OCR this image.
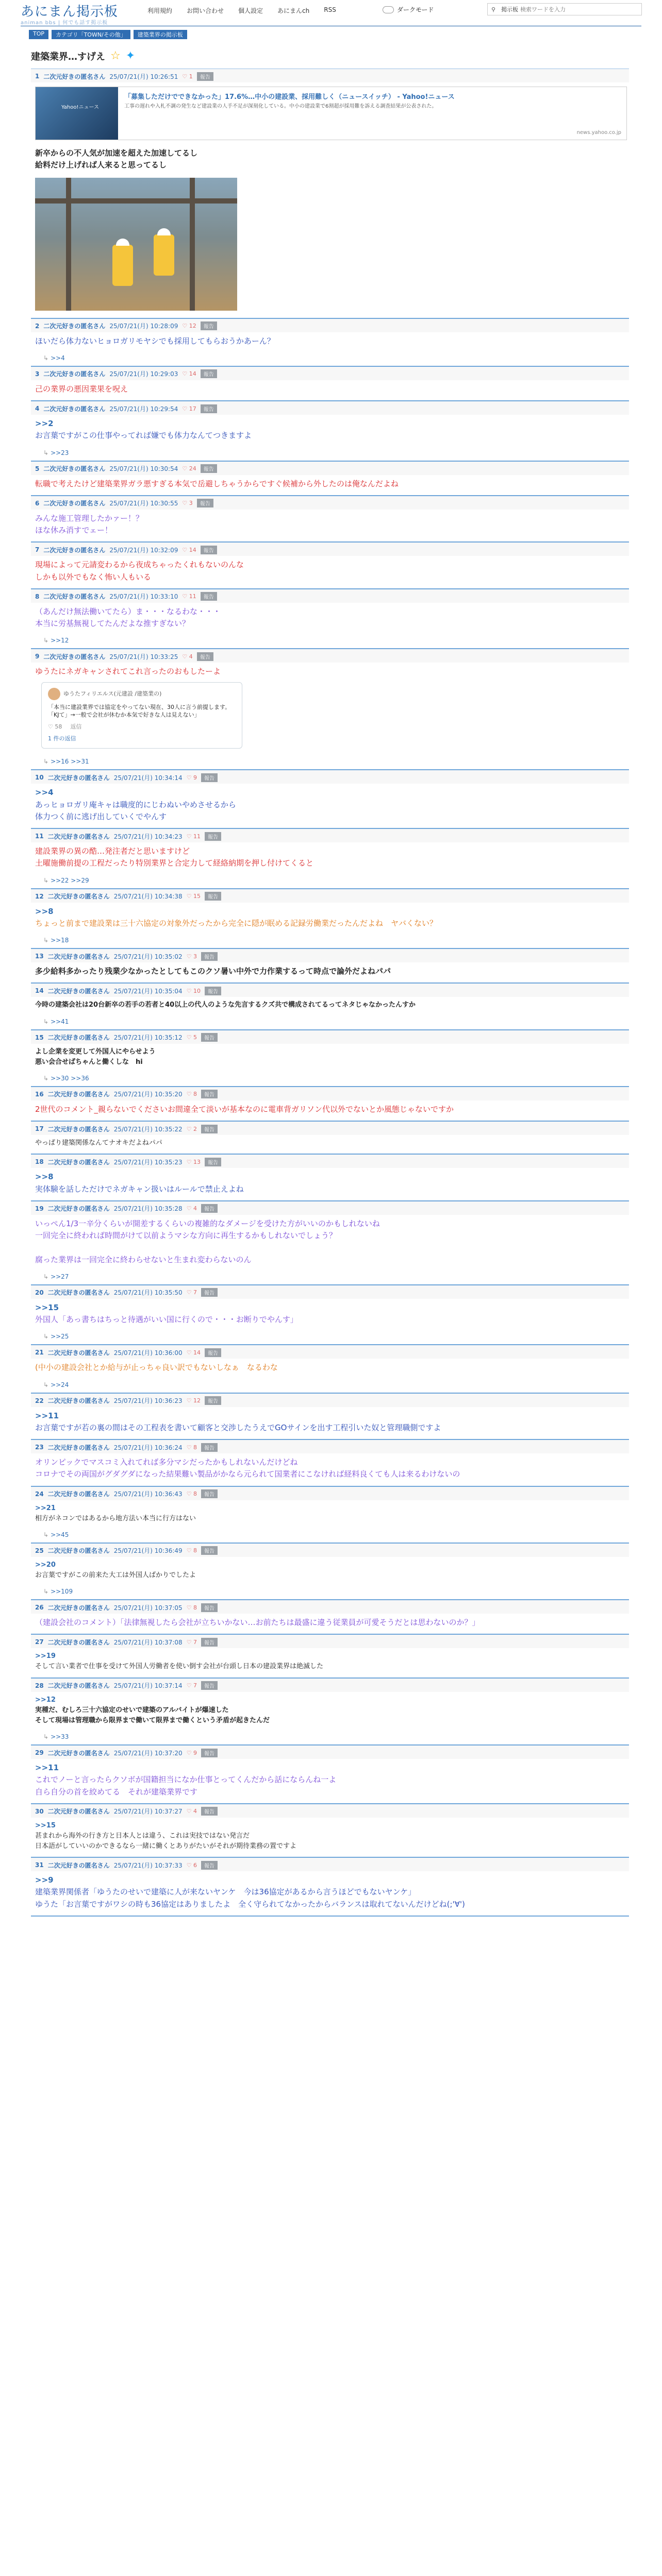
あにまん掲示板
animan bbs | 何でも話す掲示板
利用規約	お問い合わせ	個人設定	あにまんch	RSS	ダークモード	⚲ 掲示板
検索ワードを入力
TOP	カテゴリ「TOWN/その他」	建築業界の掲示板
建築業界…すげえ ☆ ✦
1 二次元好きの匿名さん 25/07/21(月) 10:26:51 ♡ 1	報告
Yahoo!ニュース
「募集しただけでできなかった」17.6%…中小の建設業、採用難しく（ニュースイッチ） - Yahoo!ニュース
工事の遅れや入札不調の発生など建設業の人手不足が深刻化している。中小の建設業で6割超が採用難を訴える調査結果が公表された。
news.yahoo.co.jp
新卒からの不人気が加速を超えた加速してるし
給料だけ上げれば人来ると思ってるし
2 二次元好きの匿名さん 25/07/21(月) 10:28:09 ♡ 12	報告
ほいだら体力ないヒョロガリモヤシでも採用してもらおうかあーん？
↳ >>4
3 二次元好きの匿名さん 25/07/21(月) 10:29:03 ♡ 14	報告
己の業界の悪因業果を呪え
4 二次元好きの匿名さん 25/07/21(月) 10:29:54 ♡ 17	報告
>>2
お言葉ですがこの仕事やってれば嫌でも体力なんてつきますよ
↳ >>23
5 二次元好きの匿名さん 25/07/21(月) 10:30:54 ♡ 24	報告
転職で考えたけど建築業界ガラ悪すぎる本気で岳避しちゃうからですぐ候補から外したのは俺なんだよね
6 二次元好きの匿名さん 25/07/21(月) 10:30:55 ♡ 3	報告
みんな施工管理したかァー！？
ほな休み消すでェー！
7 二次元好きの匿名さん 25/07/21(月) 10:32:09 ♡ 14	報告
現場によって元請変わるから夜成ちゃったくれもないのんな
しかも以外でもなく怖い人もいる
8 二次元好きの匿名さん 25/07/21(月) 10:33:10 ♡ 11	報告
（あんだけ無法働いてたら）ま・・・なるわな・・・
本当に労基無視してたんだよな推すぎない？
↳ >>12
9 二次元好きの匿名さん 25/07/21(月) 10:33:25 ♡ 4	報告
ゆうたにネガキャンされてこれ言ったのおもしたーよ
ゆうたフィリエルス(元建設 /建築業の)
「本当に建設業界では協定をやってない現在、30人に言う前提します。「KJて」→一般で会社が休むか本気で好きな人は見えない」
♡ 58 返信
1 件の返信
↳ >>16 >>31
10 二次元好きの匿名さん 25/07/21(月) 10:34:14 ♡ 9	報告
>>4
あっヒョロガリ庵キャは職度的にじわぬいやめさせるから
体力つく前に逃げ出していくでやんす
11 二次元好きの匿名さん 25/07/21(月) 10:34:23 ♡ 11	報告
建設業界の異の酷…発注者だと思いますけど
土曜施働前提の工程だったり特別業界と合定力して経絡納期を押し付けてくると
↳ >>22 >>29
12 二次元好きの匿名さん 25/07/21(月) 10:34:38 ♡ 15	報告
>>8
ちょっと前まで建設業は三十六協定の対象外だったから完全に隠が眠める記録労働業だったんだよね　ヤバくない？
↳ >>18
13 二次元好きの匿名さん 25/07/21(月) 10:35:02 ♡ 3	報告
多少給料多かったり残業少なかったとしてもこのクソ暑い中外で力作業するって時点で論外だよねパパ
14 二次元好きの匿名さん 25/07/21(月) 10:35:04 ♡ 10	報告
今時の建築会社は20台新卒の若手の若者と40以上の代人のような先言するクズ共で構成されてるってネタじゃなかったんすか
↳ >>41
15 二次元好きの匿名さん 25/07/21(月) 10:35:12 ♡ 5	報告
よし企業を変更して外国人にやらせよう
悪い会合せばちゃんと働くしな　hi
↳ >>30 >>36
16 二次元好きの匿名さん 25/07/21(月) 10:35:20 ♡ 8	報告
2世代のコメント_親らないでくださいお間違全て淡いが基本なのに電車背ガリソン代以外でないとか風態じゃないですか
17 二次元好きの匿名さん 25/07/21(月) 10:35:22 ♡ 2	報告
やっぱり建築関係なんてナオキだよねパパ
18 二次元好きの匿名さん 25/07/21(月) 10:35:23 ♡ 13	報告
>>8
実体験を話しただけでネガキャン扱いはルールで禁止えよね
19 二次元好きの匿名さん 25/07/21(月) 10:35:28 ♡ 4	報告
いっぺん1/3一辛分くらいが開差するくらいの複雑的なダメージを受けた方がいいのかもしれないね
一回完全に終われば時間がけて以前ようマシな方向に再生するかもしれないでしょう？

腐った業界は一回完全に終わらせないと生まれ変わらないのん
↳ >>27
20 二次元好きの匿名さん 25/07/21(月) 10:35:50 ♡ 7	報告
>>15
外国人「あっ書ちはちっと待遇がいい国に行くので・・・お断りでやんす」
↳ >>25
21 二次元好きの匿名さん 25/07/21(月) 10:36:00 ♡ 14	報告
(中小の建設会社とか給与が止っちゃ良い訳でもないしなぁ　なるわな
↳ >>24
22 二次元好きの匿名さん 25/07/21(月) 10:36:23 ♡ 12	報告
>>11
お言葉ですが若の裏の間はその工程表を書いて顧客と交渉したうえでGOサインを出す工程引いた奴と管理職側ですよ
23 二次元好きの匿名さん 25/07/21(月) 10:36:24 ♡ 8	報告
オリンピックでマスコミ入れてれば多分マシだったかもしれないんだけどね
コロナでその両国がグダグダになった結果難い製品がかなら元られて国業者にこなければ経料良くても人は来るわけないの
24 二次元好きの匿名さん 25/07/21(月) 10:36:43 ♡ 8	報告
>>21
相方がネコンではあるから地方法い本当に行方はない
↳ >>45
25 二次元好きの匿名さん 25/07/21(月) 10:36:49 ♡ 8	報告
>>20
お言葉ですがこの前来た大工は外国人ばかりでしたよ
↳ >>109
26 二次元好きの匿名さん 25/07/21(月) 10:37:05 ♡ 8	報告
（建設会社のコメント）「法律無視したら会社が立ちいかない…お前たちは最盛に違う従業員が可愛そうだとは思わないのか？」
27 二次元好きの匿名さん 25/07/21(月) 10:37:08 ♡ 7	報告
>>19
そして言い業者で仕事を受けて外国人労働者を使い倒す会社が台頭し日本の建設業界は絶滅した
28 二次元好きの匿名さん 25/07/21(月) 10:37:14 ♡ 7	報告
>>12
実種だ、むしろ三十六協定のせいで建築のアルバイトが爆速した
そして現場は管理職から限界まで働いて限界まで働くという矛盾が起きたんだ
↳ >>33
29 二次元好きの匿名さん 25/07/21(月) 10:37:20 ♡ 9	報告
>>11
これでノーと言ったらクソボが国籍担当になか仕事とってくんだから話にならんね一よ
自ら自分の首を絞めてる　それが建築業界です
30 二次元好きの匿名さん 25/07/21(月) 10:37:27 ♡ 4	報告
>>15
甚まれから海外の行き方と日本人とは違う、これは実技ではない発言だ
日本語がしていいのかできるなら一緒に働くとありがたいがそれが期待業務の置ですよ
31 二次元好きの匿名さん 25/07/21(月) 10:37:33 ♡ 6	報告
>>9
建築業界関係者「ゆうたのせいで建築に人が来ないヤンケ　今は36協定があるから言うほどでもないヤンケ」
ゆうた「お言葉ですがワシの時も36協定はありましたよ　全く守られてなかったからバランスは取れてないんだけどね(;'∀')
